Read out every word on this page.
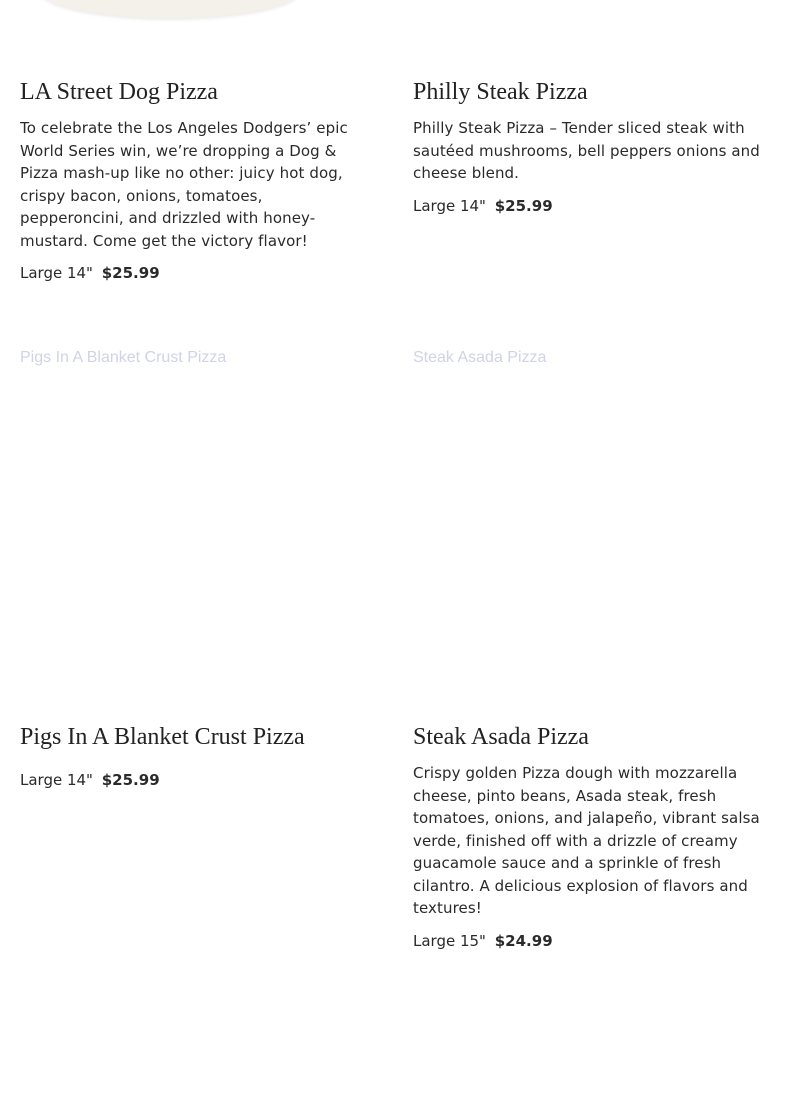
LA Street Dog Pizza

To celebrate the Los Angeles Dodgers’ epic World Series win, we’re dropping a Dog & Pizza mash-up like no other: juicy hot dog, crispy bacon, onions, tomatoes, pepperoncini, and drizzled with honey-mustard. Come get the victory flavor!

Large 14" $25.99
Philly Steak Pizza

Philly Steak Pizza – Tender sliced steak with sautéed mushrooms, bell peppers onions and cheese blend.

Large 14" $25.99
Pigs In A Blanket Crust Pizza	Steak Asada Pizza
Pigs In A Blanket Crust Pizza
Large 14" $25.99
Steak Asada Pizza

Crispy golden Pizza dough with mozzarella cheese, pinto beans, Asada steak, fresh tomatoes, onions, and jalapeño, vibrant salsa verde, finished off with a drizzle of creamy guacamole sauce and a sprinkle of fresh cilantro. A delicious explosion of flavors and textures!

Large 15" $24.99
